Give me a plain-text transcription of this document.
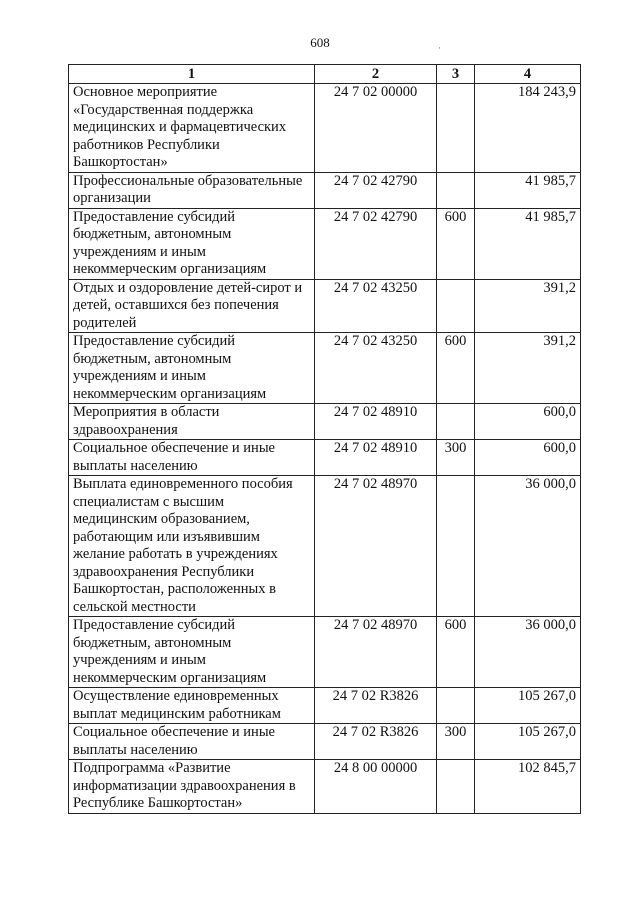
608	·
1	2	3	4
Основное мероприятие «Государственная поддержка медицинских и фармацевтических работников Республики Башкортостан»	24 7 02 00000		184 243,9
Профессиональные образовательные организации	24 7 02 42790		41 985,7
Предоставление субсидий бюджетным, автономным учреждениям и иным некоммерческим организациям	24 7 02 42790	600	41 985,7
Отдых и оздоровление детей-сирот и детей, оставшихся без попечения родителей	24 7 02 43250		391,2
Предоставление субсидий бюджетным, автономным учреждениям и иным некоммерческим организациям	24 7 02 43250	600	391,2
Мероприятия в области здравоохранения	24 7 02 48910		600,0
Социальное обеспечение и иные выплаты населению	24 7 02 48910	300	600,0
Выплата единовременного пособия специалистам с высшим медицинским образованием, работающим или изъявившим желание работать в учреждениях здравоохранения Республики Башкортостан, расположенных в сельской местности	24 7 02 48970		36 000,0
Предоставление субсидий бюджетным, автономным учреждениям и иным некоммерческим организациям	24 7 02 48970	600	36 000,0
Осуществление единовременных выплат медицинским работникам	24 7 02 R3826		105 267,0
Социальное обеспечение и иные выплаты населению	24 7 02 R3826	300	105 267,0
Подпрограмма «Развитие информатизации здравоохранения в Республике Башкортостан»	24 8 00 00000		102 845,7
